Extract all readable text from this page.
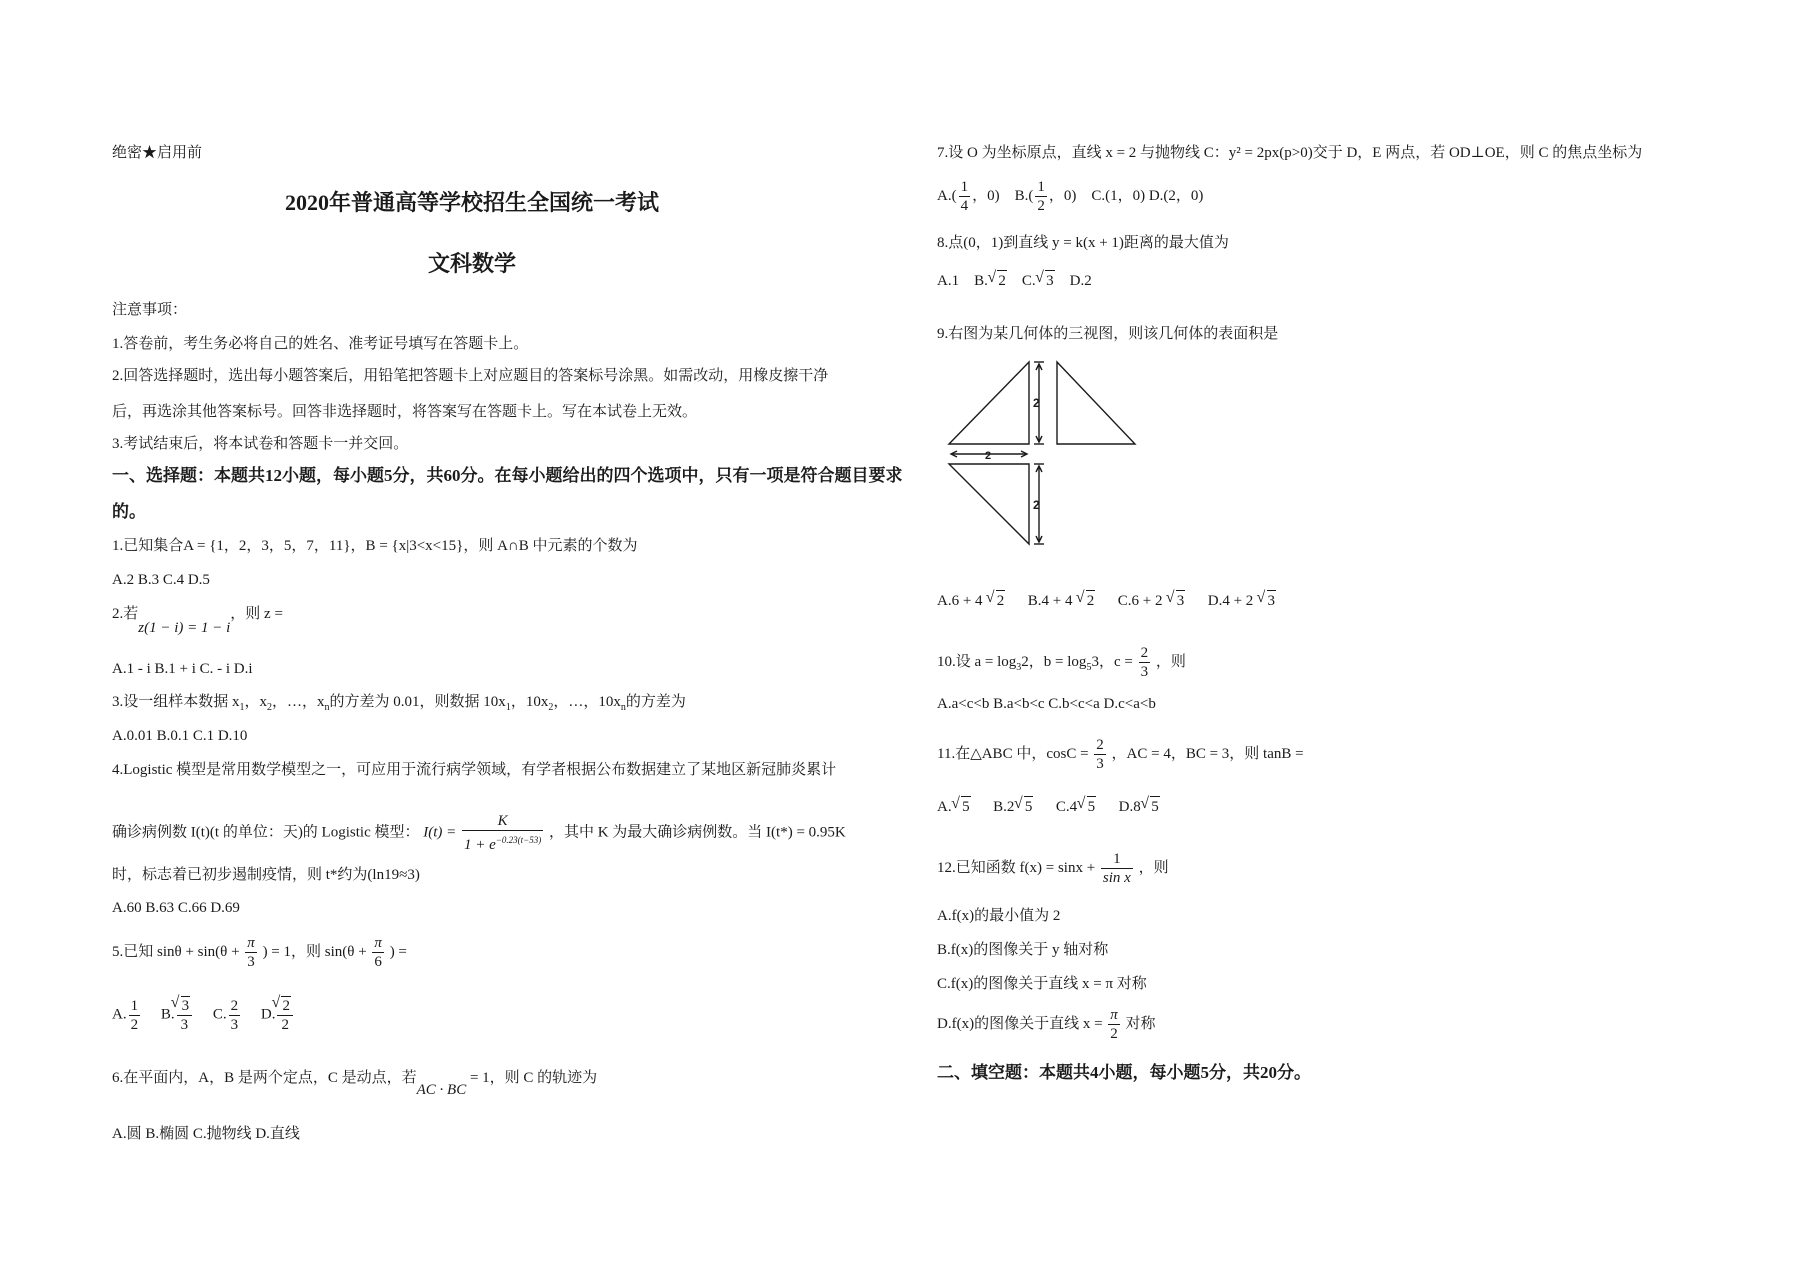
绝密★启用前
2020年普通高等学校招生全国统一考试
文科数学
注意事项：
1.答卷前，考生务必将自己的姓名、准考证号填写在答题卡上。
2.回答选择题时，选出每小题答案后，用铅笔把答题卡上对应题目的答案标号涂黑。如需改动，用橡皮擦干净
后，再选涂其他答案标号。回答非选择题时，将答案写在答题卡上。写在本试卷上无效。
3.考试结束后，将本试卷和答题卡一并交回。
一、选择题：本题共12小题，每小题5分，共60分。在每小题给出的四个选项中，只有一项是符合题目要求
的。
1.已知集合A = {1，2，3，5，7，11}，B = {x|3<x<15}，则 A∩B 中元素的个数为
A.2 B.3 C.4 D.5
2.若z(1 − i) = 1 − i，则 z =
A.1 - i B.1 + i C. - i D.i
3.设一组样本数据 $x_1$，$x_2$，…，$x_n$的方差为 0.01，则数据 $10x_1$，$10x_2$，…，$10x_n$的方差为
A.0.01 B.0.1 C.1 D.10
4.Logistic 模型是常用数学模型之一，可应用于流行病学领域，有学者根据公布数据建立了某地区新冠肺炎累计
确诊病例数 I(t)(t 的单位：天)的 Logistic 模型： $I(t) = \frac{K}{1 + e^{-0.23(t-53)}}$ ，其中 K 为最大确诊病例数。当 I(t*) = 0.95K
时，标志着已初步遏制疫情，则 t*约为(ln19≈3)
A.60 B.63 C.66 D.69
5.已知 $\sin\theta + \sin(\theta + \frac{\pi}{3}$ ) = 1，则 $\sin(\theta + \frac{\pi}{6}$ ) =
A. $\frac{1}{2} B$. √ $\frac{3}{3} C$. $\frac{2}{3} D$. √ $\frac{2}{2}$
6.在平面内，A，B 是两个定点，C 是动点，若AC · BC = 1，则 C 的轨迹为
A.圆 B.椭圆 C.抛物线 D.直线
7.设 O 为坐标原点，直线 x = 2 与抛物线 C：y² = 2px(p>0)交于 D，E 两点，若 OD⊥OE，则 C 的焦点坐标为
$A.( \frac{1}{4}$ ，0) $B.( \frac{1}{2}$ ，0) C.(1，0) D.(2，0)
8.点(0，1)到直线 y = k(x + 1)距离的最大值为
A.1 B. √ 2 C. √ 3 D.2
9.右图为某几何体的三视图，则该几何体的表面积是
2
2
2
A.6 + 4 √ 2 B.4 + 4 √ 2 C.6 + 2 √ 3 D.4 + 2 √ 3
10.设 $a = \log_32$，$b = \log_53$，$c = \frac{2}{3}$ ，则
A.a<c<b B.a<b<c C.b<c<a D.c<a<b
11.在△ABC 中，$\cos C = \frac{2}{3}$ ，AC = 4，BC = 3，则 tanB =
A. √ 5 B.2 √ 5 C.4 √ 5 D.8 √ 5
12.已知函数 $f(x) = \sin x + \frac{1}{\text{sin x}}$ ，则
A.f(x)的最小值为 2
B.f(x)的图像关于 y 轴对称
C.f(x)的图像关于直线 x = π 对称
D.f(x)的图像关于直线 $x = \frac{\pi}{2}$ 对称
二、填空题：本题共4小题，每小题5分，共20分。
